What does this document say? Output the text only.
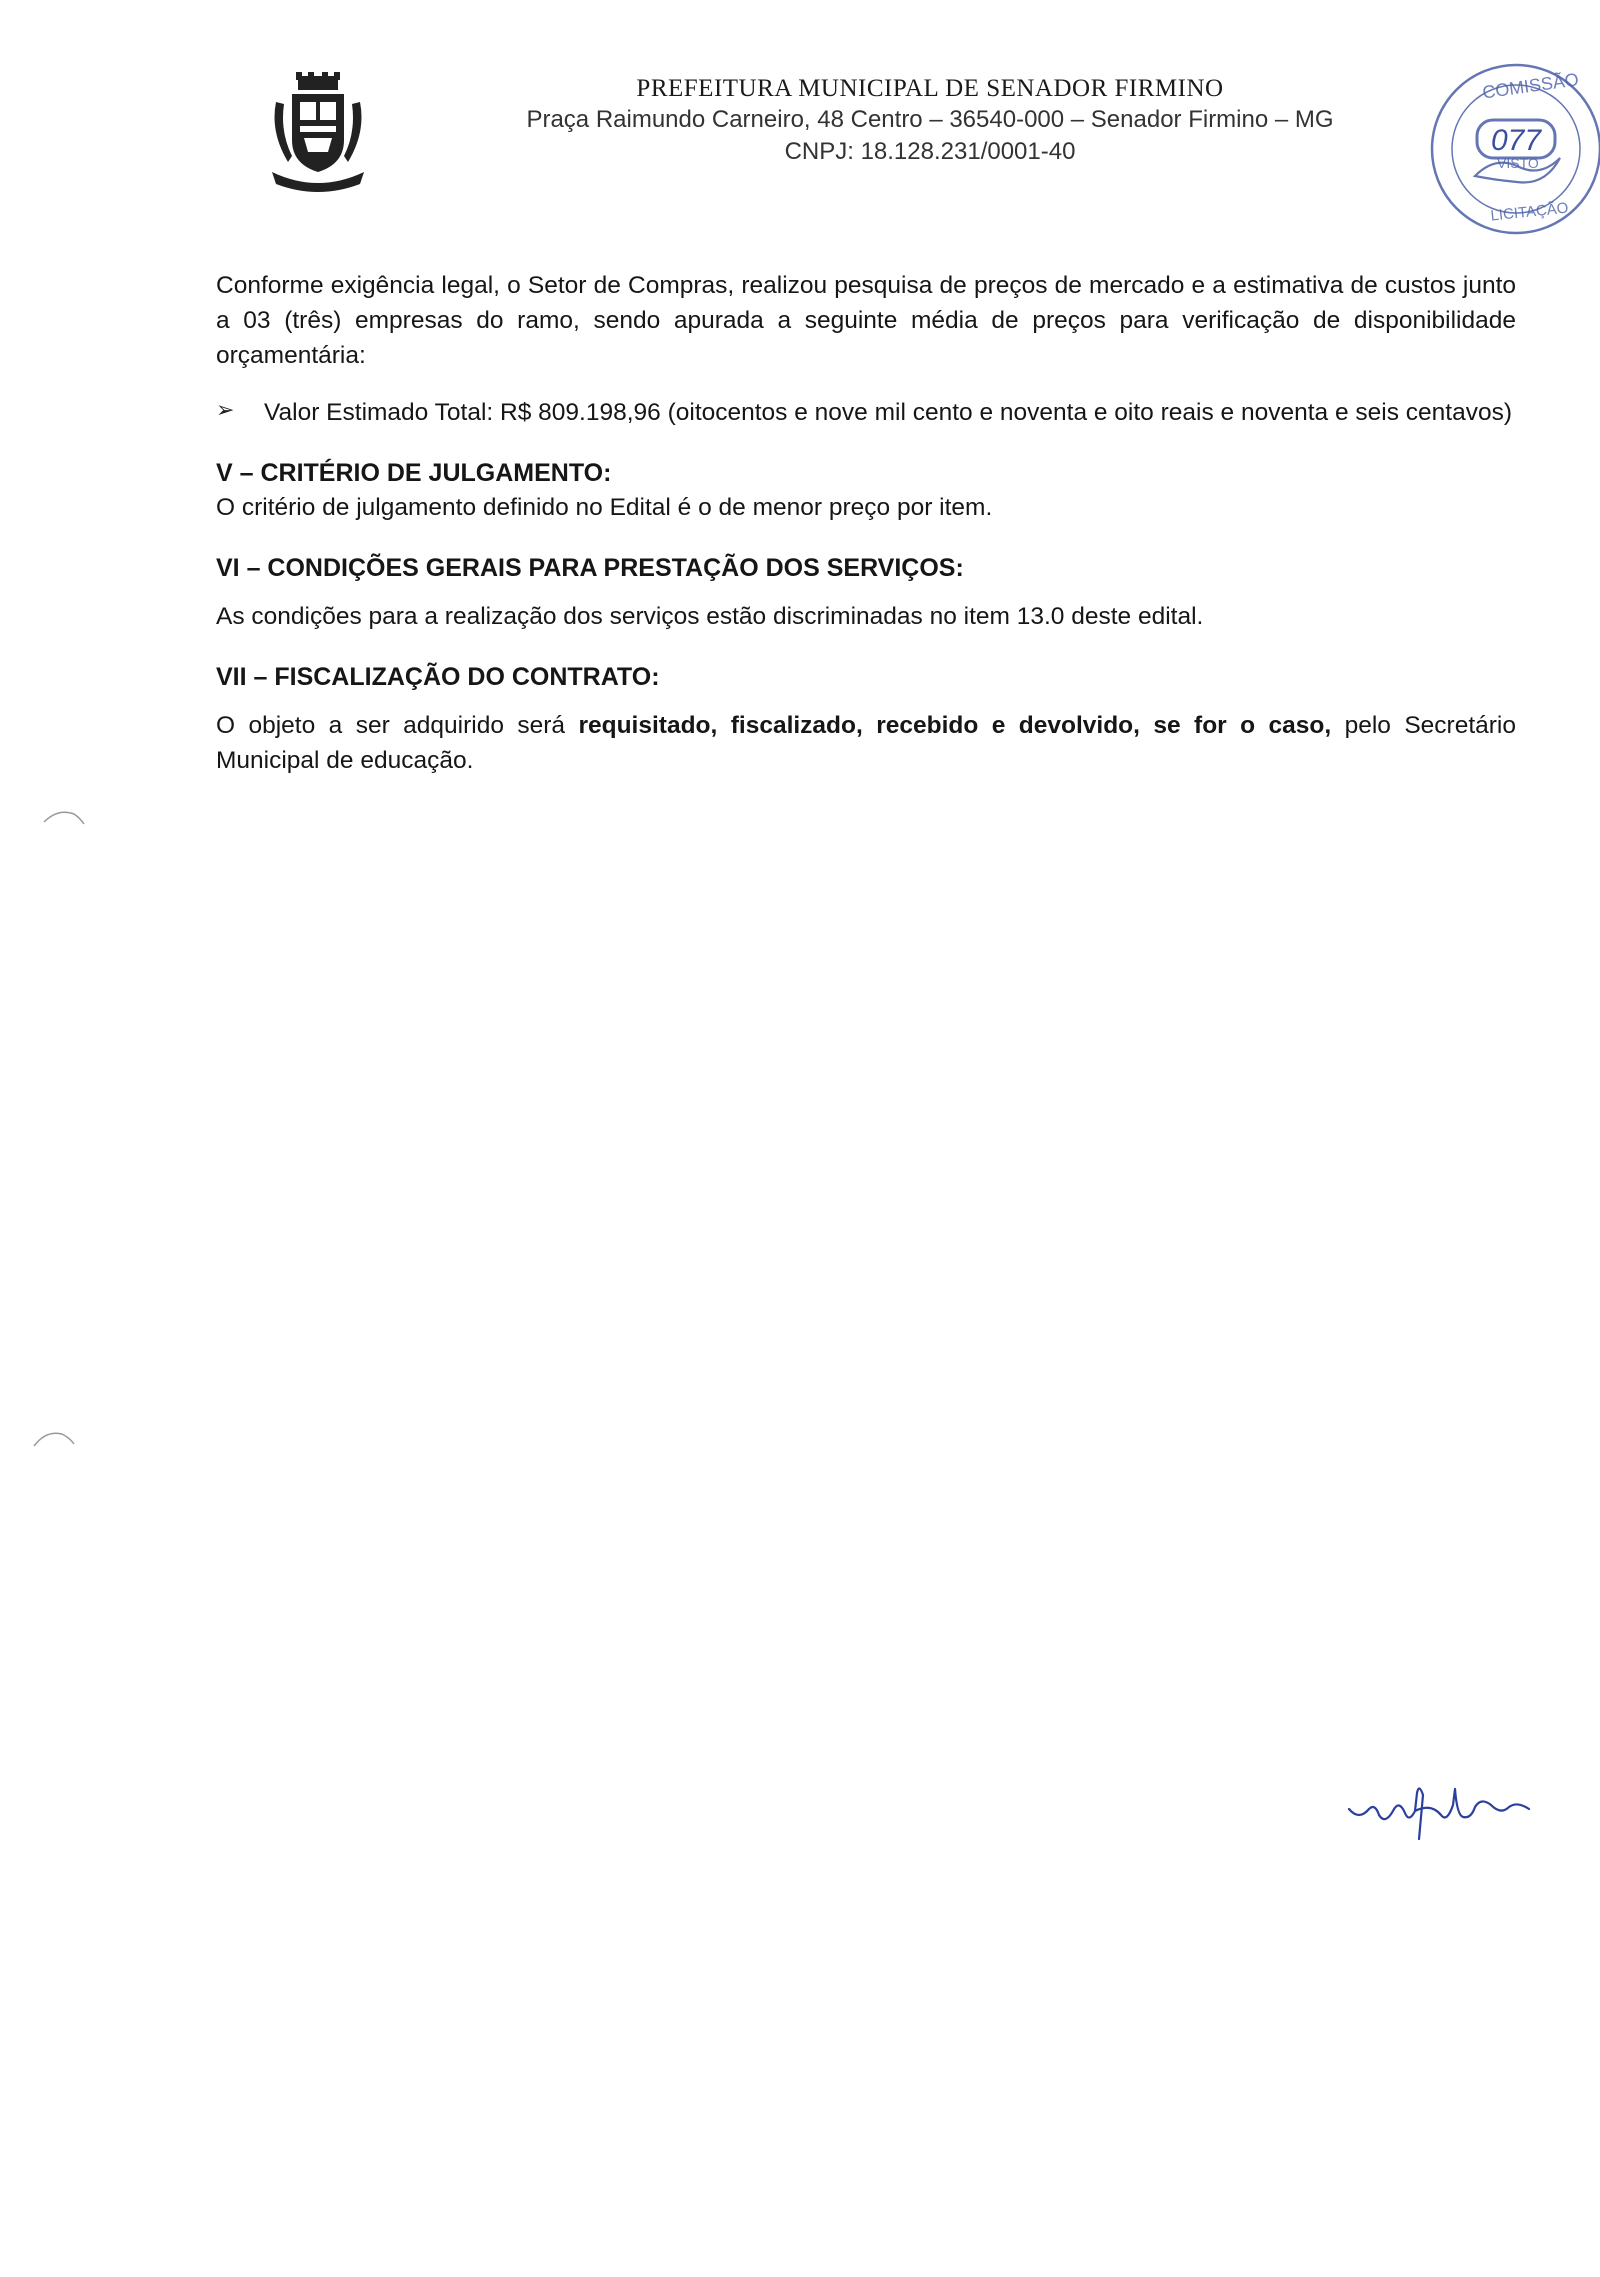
PREFEITURA MUNICIPAL DE SENADOR FIRMINO
Praça Raimundo Carneiro, 48 Centro – 36540-000 – Senador Firmino – MG
CNPJ: 18.128.231/0001-40
COMISSÃO
VISTO
LICITAÇÃO
077

Conforme exigência legal, o Setor de Compras, realizou pesquisa de preços de mercado e a estimativa de custos junto a 03 (três) empresas do ramo, sendo apurada a seguinte média de preços para verificação de disponibilidade orçamentária:

➢ Valor Estimado Total: R$ 809.198,96 (oitocentos e nove mil cento e noventa e oito reais e noventa e seis centavos)

V – CRITÉRIO DE JULGAMENTO:

O critério de julgamento definido no Edital é o de menor preço por item.

VI – CONDIÇÕES GERAIS PARA PRESTAÇÃO DOS SERVIÇOS:

As condições para a realização dos serviços estão discriminadas no item 13.0 deste edital.

VII – FISCALIZAÇÃO DO CONTRATO:

O objeto a ser adquirido será requisitado, fiscalizado, recebido e devolvido, se for o caso, pelo Secretário Municipal de educação.
